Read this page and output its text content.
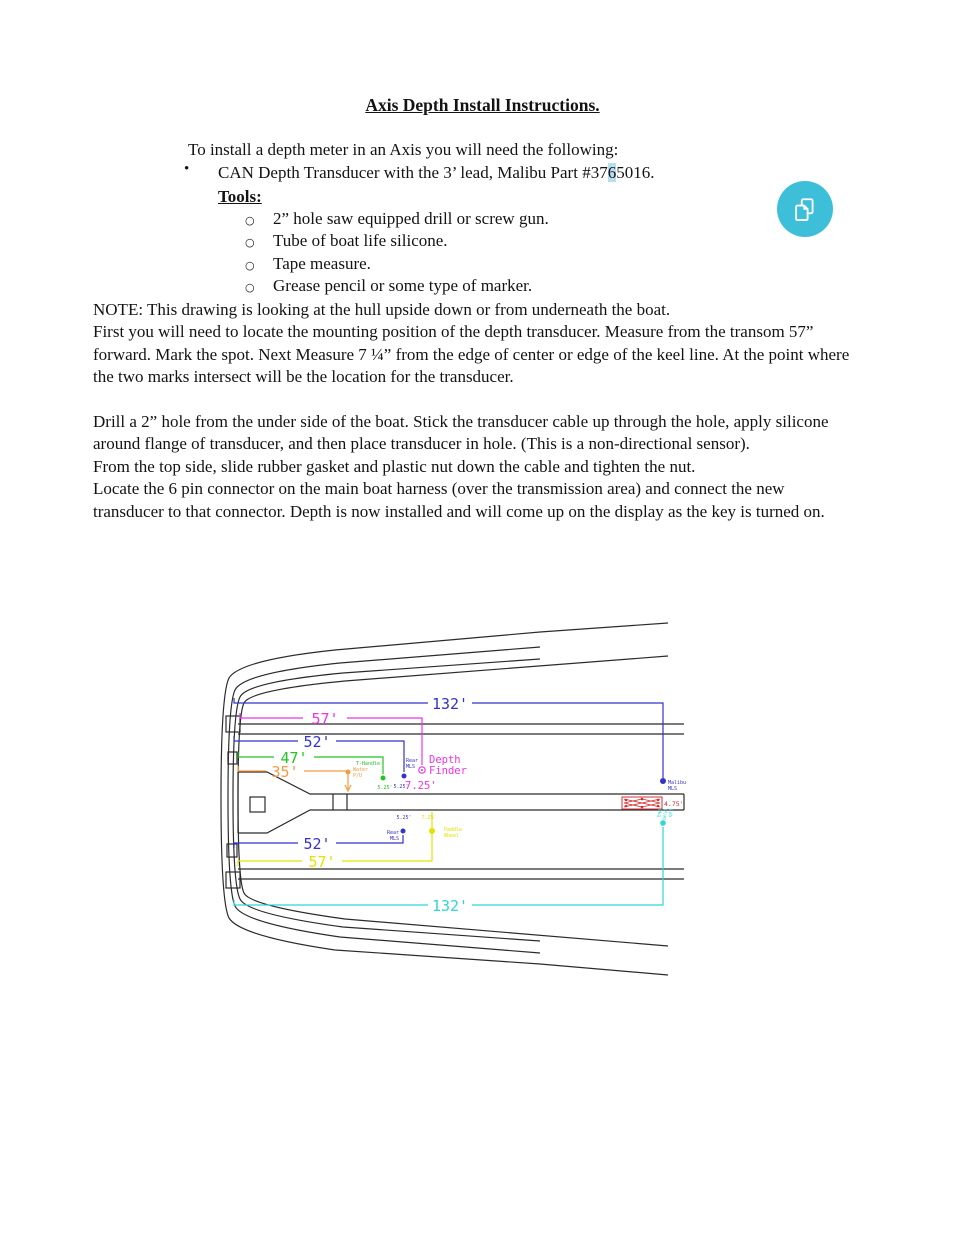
Axis Depth Install Instructions.
To install a depth meter in an Axis you will need the following:
• CAN Depth Transducer with the 3’ lead, Malibu Part #3765016.
Tools:
○	2” hole saw equipped drill or screw gun.
○	Tube of boat life silicone.
○	Tape measure.
○	Grease pencil or some type of marker.

NOTE: This drawing is looking at the hull upside down or from underneath the boat.

First you will need to locate the mounting position of the depth transducer. Measure from the transom 57” forward. Mark the spot. Next Measure 7 ¼” from the edge of center or edge of the keel line. At the point where the two marks intersect will be the location for the transducer.

Drill a 2” hole from the under side of the boat. Stick the transducer cable up through the hole, apply silicone around flange of transducer, and then place transducer in hole. (This is a non-directional sensor).

From the top side, slide rubber gasket and plastic nut down the cable and tighten the nut.

Locate the 6 pin connector on the main boat harness (over the transmission area) and connect the new transducer to that connector. Depth is now installed and will come up on the display as the key is turned on.

4.75'
132'
Malibu
MLS
57'
Depth
Finder
7.25'
52'
Rear
MLS
5.25'
47'	T-Handle
5.25'
35'	Water
P/U
52'
5.25'
Rear
MLS
57'
7.25'
Paddle
Wheel
132'
Exh
Plug
Pkg
